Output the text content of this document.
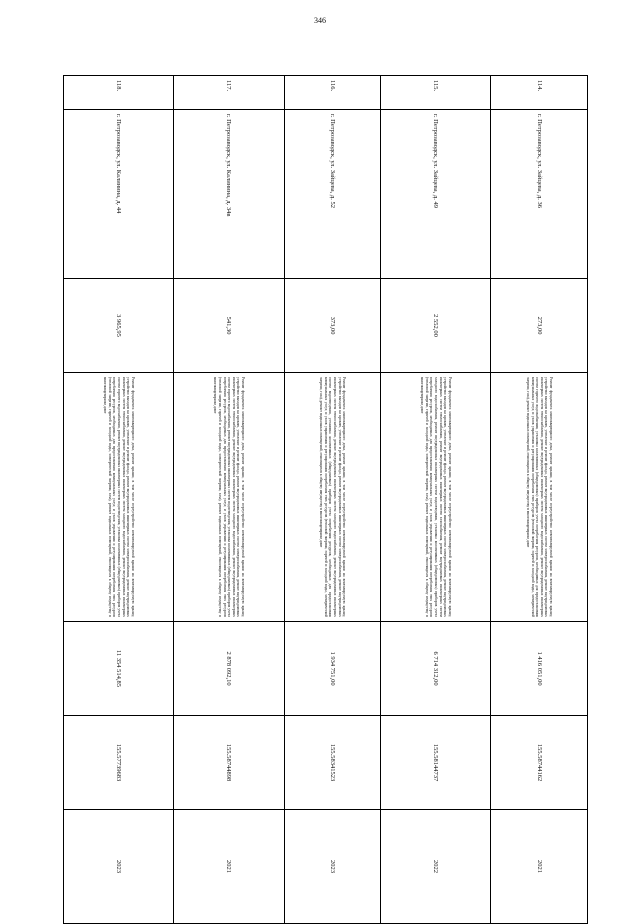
346
114.	г. Петрозаводск, ул. Зайцева, д. 36	273,00	Ремонт фундамента многоквартирного дома, ремонт крыши, в том числе переустройство невентилируемой крыши на вентилируемую крышу, устройство выходов на кровлю, утепление и ремонт фасада, ремонт внутридомовых инженерных систем электроснабжения, ремонт внутридомовых инженерных систем теплоснабжения, ремонт внутридомовых инженерных систем холодного водоснабжения, ремонт внутридомовых инженерных систем горячего водоснабжения, установка коллективных (общедомовых) приборов учета потребления ресурсов, необходимых для предоставления коммунальных услуг, и узлов управления и регулирования потребления этих ресурсов (тепловой энергии, горячей и холодной воды, электрической энергии, газа), ремонт подвальных помещений, относящихся к общему имуществу в многоквартирном доме	1 416 051,00	155.58744162	2021
115.	г. Петрозаводск, ул. Зайцева, д. 49	2 552,00	Ремонт фундамента многоквартирного дома, ремонт крыши, в том числе переустройство невентилируемой крыши на вентилируемую крышу, устройство выходов на кровлю, утепление и ремонт фасада, ремонт внутридомовых инженерных систем электроснабжения, ремонт внутридомовых инженерных систем теплоснабжения, ремонт внутридомовых инженерных систем газоснабжения, ремонт внутридомовых инженерных систем холодного водоснабжения, ремонт внутридомовых инженерных систем водоотведения, установка коллективных (общедомовых) приборов учета потребления ресурсов, необходимых для предоставления коммунальных услуг, и узлов управления и регулирования потребления этих ресурсов (тепловой энергии, горячей и холодной воды, электрической энергии, газа), ремонт подвальных помещений, относящихся к общему имуществу в многоквартирном доме	6 714 312,00	155.58144737	2022
116.	г. Петрозаводск, ул. Зайцева, д. 52	373,00	Ремонт фундамента многоквартирного дома, ремонт крыши, в том числе переустройство невентилируемой крыши на вентилируемую крышу, устройство выходов на кровлю, утепление и ремонт фасада, ремонт внутридомовых инженерных систем электроснабжения, ремонт внутридомовых инженерных систем теплоснабжения, ремонт внутридомовых инженерных систем холодного водоснабжения, ремонт внутридомовых инженерных систем водоотведения, установка коллективных (общедомовых) приборов учета потребления ресурсов, необходимых для предоставления коммунальных услуг, и узлов управления и регулирования потребления этих ресурсов (тепловой энергии, горячей и холодной воды, электрической энергии, газа), ремонт подвальных помещений, относящихся к общему имуществу в многоквартирном доме	1 934 751,00	155.58341523	2023
117.	г. Петрозаводск, ул. Калинина, д. 34в	541,30	Ремонт фундамента многоквартирного дома, ремонт крыши, в том числе переустройство невентилируемой крыши на вентилируемую крышу, устройство выходов на кровлю, утепление и ремонт фасада, ремонт внутридомовых инженерных систем электроснабжения, ремонт внутридомовых инженерных систем теплоснабжения, ремонт внутридомовых инженерных систем холодного водоснабжения, ремонт внутридомовых инженерных систем горячего водоснабжения, ремонт внутридомовых инженерных систем водоотведения, установка коллективных (общедомовых) приборов учета потребления ресурсов, необходимых для предоставления коммунальных услуг, и узлов управления и регулирования потребления этих ресурсов (тепловой энергии, горячей и холодной воды, электрической энергии, газа), ремонт подвальных помещений, относящихся к общему имуществу в многоквартирном доме	2 878 092,10	155.58744898	2021
118.	г. Петрозаводск, ул. Калинина, д. 44	3 965,95	Ремонт фундамента многоквартирного дома, ремонт крыши, в том числе переустройство невентилируемой крыши на вентилируемую крышу, устройство выходов на кровлю, утепление и ремонт фасада, ремонт внутридомовых инженерных систем электроснабжения, ремонт внутридомовых инженерных систем теплоснабжения, ремонт внутридомовых инженерных систем холодного водоснабжения, ремонт внутридомовых инженерных систем горячего водоснабжения, ремонт внутридомовых инженерных систем водоотведения, установка коллективных (общедомовых) приборов учета потребления ресурсов, необходимых для предоставления коммунальных услуг, и узлов управления и регулирования потребления этих ресурсов (тепловой энергии, горячей и холодной воды, электрической энергии, газа), ремонт подвальных помещений, относящихся к общему имуществу в многоквартирном доме	11 354 514,85	155.57739683	2023
